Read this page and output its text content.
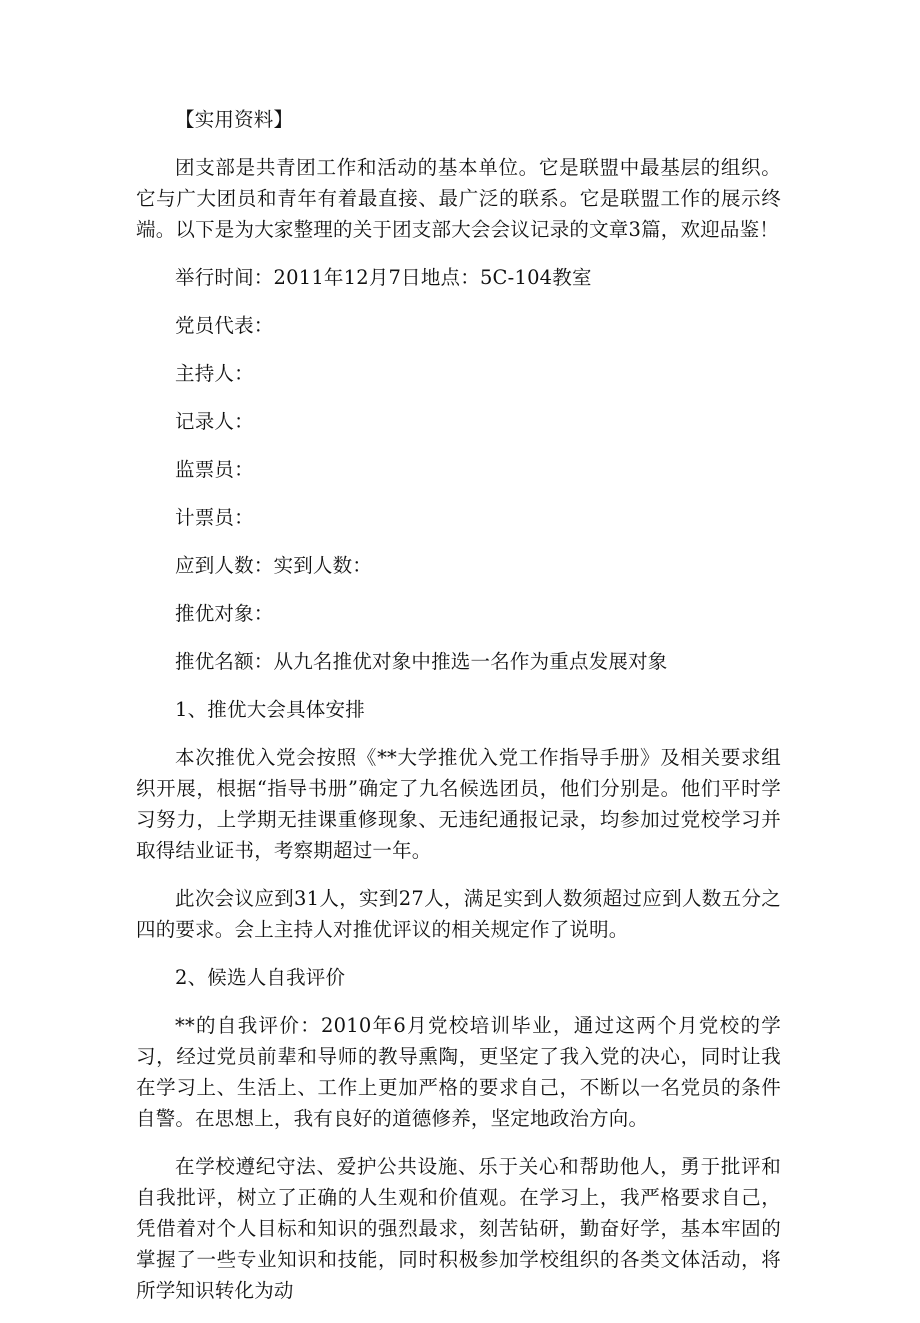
【实用资料】

团支部是共青团工作和活动的基本单位。它是联盟中最基层的组织。它与广大团员和青年有着最直接、最广泛的联系。它是联盟工作的展示终端。以下是为大家整理的关于团支部大会会议记录的文章3篇，欢迎品鉴！

举行时间：2011年12月7日地点：5C-104教室

党员代表：

主持人：

记录人：

监票员：

计票员：

应到人数：实到人数：

推优对象：

推优名额：从九名推优对象中推选一名作为重点发展对象

1、推优大会具体安排

本次推优入党会按照《**大学推优入党工作指导手册》及相关要求组织开展，根据“指导书册”确定了九名候选团员，他们分别是。他们平时学习努力，上学期无挂课重修现象、无违纪通报记录，均参加过党校学习并取得结业证书，考察期超过一年。

此次会议应到31人，实到27人，满足实到人数须超过应到人数五分之四的要求。会上主持人对推优评议的相关规定作了说明。

2、候选人自我评价

**的自我评价：2010年6月党校培训毕业，通过这两个月党校的学习，经过党员前辈和导师的教导熏陶，更坚定了我入党的决心，同时让我在学习上、生活上、工作上更加严格的要求自己，不断以一名党员的条件自警。在思想上，我有良好的道德修养，坚定地政治方向。

在学校遵纪守法、爱护公共设施、乐于关心和帮助他人，勇于批评和自我批评，树立了正确的人生观和价值观。在学习上，我严格要求自己，凭借着对个人目标和知识的强烈最求，刻苦钻研，勤奋好学，基本牢固的掌握了一些专业知识和技能，同时积极参加学校组织的各类文体活动，将所学知识转化为动
